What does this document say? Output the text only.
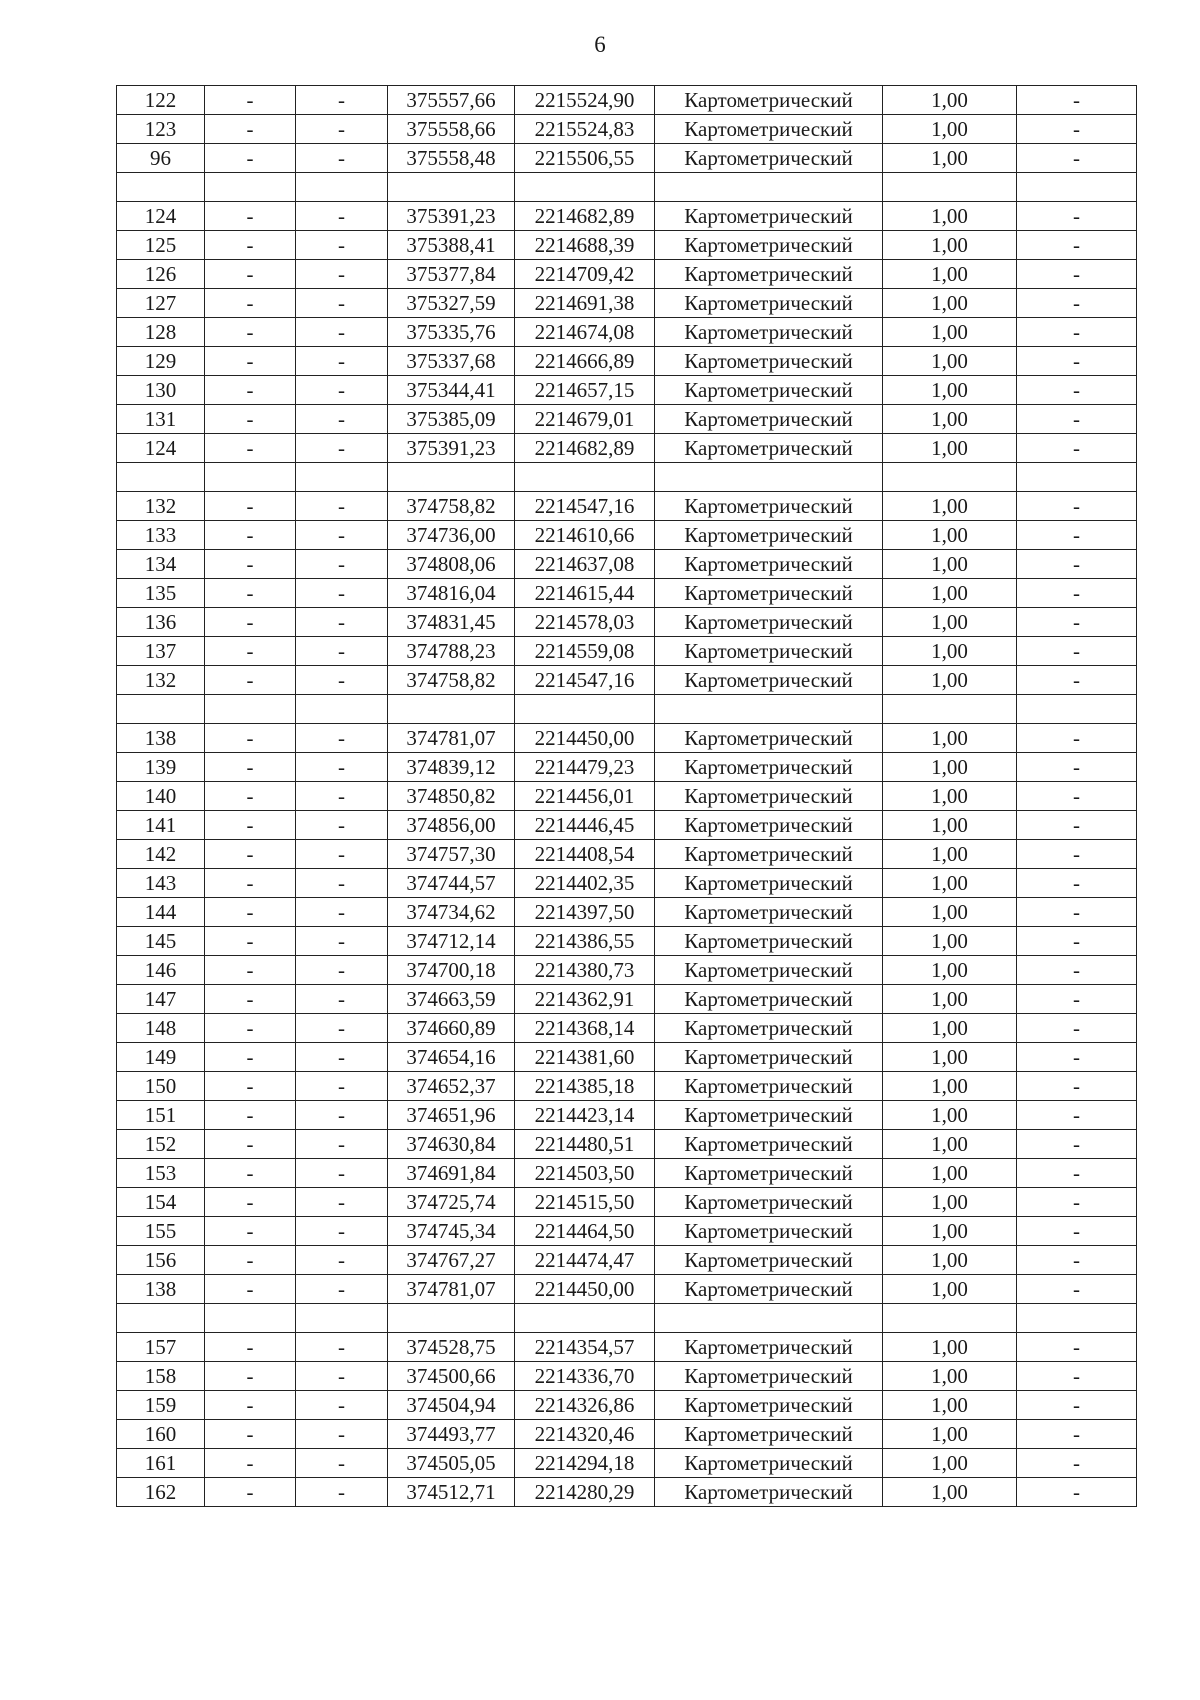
6
122	-	-	375557,66	2215524,90	Картометрический	1,00	-
123	-	-	375558,66	2215524,83	Картометрический	1,00	-
96	-	-	375558,48	2215506,55	Картометрический	1,00	-

124	-	-	375391,23	2214682,89	Картометрический	1,00	-
125	-	-	375388,41	2214688,39	Картометрический	1,00	-
126	-	-	375377,84	2214709,42	Картометрический	1,00	-
127	-	-	375327,59	2214691,38	Картометрический	1,00	-
128	-	-	375335,76	2214674,08	Картометрический	1,00	-
129	-	-	375337,68	2214666,89	Картометрический	1,00	-
130	-	-	375344,41	2214657,15	Картометрический	1,00	-
131	-	-	375385,09	2214679,01	Картометрический	1,00	-
124	-	-	375391,23	2214682,89	Картометрический	1,00	-

132	-	-	374758,82	2214547,16	Картометрический	1,00	-
133	-	-	374736,00	2214610,66	Картометрический	1,00	-
134	-	-	374808,06	2214637,08	Картометрический	1,00	-
135	-	-	374816,04	2214615,44	Картометрический	1,00	-
136	-	-	374831,45	2214578,03	Картометрический	1,00	-
137	-	-	374788,23	2214559,08	Картометрический	1,00	-
132	-	-	374758,82	2214547,16	Картометрический	1,00	-

138	-	-	374781,07	2214450,00	Картометрический	1,00	-
139	-	-	374839,12	2214479,23	Картометрический	1,00	-
140	-	-	374850,82	2214456,01	Картометрический	1,00	-
141	-	-	374856,00	2214446,45	Картометрический	1,00	-
142	-	-	374757,30	2214408,54	Картометрический	1,00	-
143	-	-	374744,57	2214402,35	Картометрический	1,00	-
144	-	-	374734,62	2214397,50	Картометрический	1,00	-
145	-	-	374712,14	2214386,55	Картометрический	1,00	-
146	-	-	374700,18	2214380,73	Картометрический	1,00	-
147	-	-	374663,59	2214362,91	Картометрический	1,00	-
148	-	-	374660,89	2214368,14	Картометрический	1,00	-
149	-	-	374654,16	2214381,60	Картометрический	1,00	-
150	-	-	374652,37	2214385,18	Картометрический	1,00	-
151	-	-	374651,96	2214423,14	Картометрический	1,00	-
152	-	-	374630,84	2214480,51	Картометрический	1,00	-
153	-	-	374691,84	2214503,50	Картометрический	1,00	-
154	-	-	374725,74	2214515,50	Картометрический	1,00	-
155	-	-	374745,34	2214464,50	Картометрический	1,00	-
156	-	-	374767,27	2214474,47	Картометрический	1,00	-
138	-	-	374781,07	2214450,00	Картометрический	1,00	-

157	-	-	374528,75	2214354,57	Картометрический	1,00	-
158	-	-	374500,66	2214336,70	Картометрический	1,00	-
159	-	-	374504,94	2214326,86	Картометрический	1,00	-
160	-	-	374493,77	2214320,46	Картометрический	1,00	-
161	-	-	374505,05	2214294,18	Картометрический	1,00	-
162	-	-	374512,71	2214280,29	Картометрический	1,00	-
